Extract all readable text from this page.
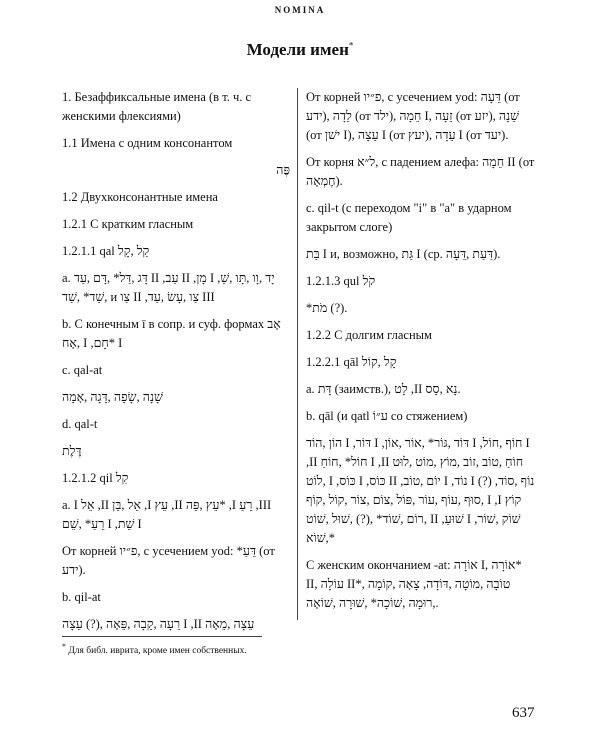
NOMINA
Модели имен*

1. Безаффиксальные имена (в т. ч. с женскими флексиями)

1.1 Имена с одним консонантом

פֶּה

1.2 Двухконсонантные имена

1.2.1 С кратким гласным

1.2.1.1 qal קַל ,קָל

a. דָּג ,דַּל* ,דָּם ,עַד II ,עַב II ,מָן I ,יָד ,וָו ,תָּו ,שַׁ ,שַׁד* ,שַׁד и צַו II ,צַו ,עָשׂ ,עַד III

b. С конечным ī в сопр. и суф. формах אָב ,אָח I ,חָם* I

c. qal-at

שָׁנָה ,שָׂפָה ,דָּגָה ,אָמָה

d. qal-t

דֶּלֶת

1.2.1.2 qil קִל

a. I אֵל ,II אֵל ,בֵּן ,I עֵץ ,II עֵץ ,פֵּה* ,I רֵעַ ,III רֵעַ* ,שֵׁם I ,שֵׁת I

От корней פ״יו, с усечением yod: *דֵּעַ (от ידע).

b. qil-at

רֵעָה ,קֵבָה ,פֵּאָה ,(?) עֵצָה I ,II עֵצָה ,מֵאָה

От корней פ״יו, с усечением yod: דֵּעָה (от ידע), לֵדָה (от ילד), חֵמָה I, זֵעָה (от יזע), שֵׁנָה (от ישׁן I), עֵצָה I (от יעץ), עֵדָה I (от יעד).

От корня ל״א, с падением алефа: חֵמָה II (от חֶמְאָה).

c. qil-t (с переходом "i" в "a" в ударном закрытом слоге)

בַּת I и, возможно, גַּת I (ср. דַּעַת ,דֵּעָה).

1.2.1.3 qul קֹל

*מֹת (?).

1.2.2 С долгим гласным

1.2.2.1 qāl קָל ,קוֹל

a. דָּת (заимств.), לָט ,II נָא ,סָס.

b. qāl (и qatl ע״וֹ со стяжением)

הוֹן ,הוֹד I ,דּוֹר I ,דּוֹד ,גּוֹר* ,אוֹר ,אוֹן I ,חוֹף ,חוֹל I ,II חוֹל* ,חוֹחַ I ,II חוֹחַ ,טוֹב ,זוֹב ,מוֹץ ,מוֹט ,לוּט ,לוֹט I ,כּוֹס I ,כּוֹס II ,יוֹם ,טוֹב I ,נוֹד I (?) ,נוֹף ,סוֹד ,סוּף ,עוֹף ,עוֹר ,פּוֹל ,צוֹם ,צוֹר ,קוֹל ,קוֹף I ,I קוֹץ ,רוֹם ,שׁוֹד* ,(?) ,שׁוּל ,שׁוֹט II ,שׁוּעַ I ,שׁוֹק ,שׁוֹר ,שׁוֹא*

С женским окончанием -at: אוֹרָה I, אוֹרָה* II, עוֹלָה II*, טוֹבָה ,מוֹטָה ,דּוֹדָה, צָאָה ,קוֹמָה ,רוּמָה ,שׁוֹכָה* ,שׁוּרָה ,שׁוֹאָה.

* Для библ. иврита, кроме имен собственных.
637
